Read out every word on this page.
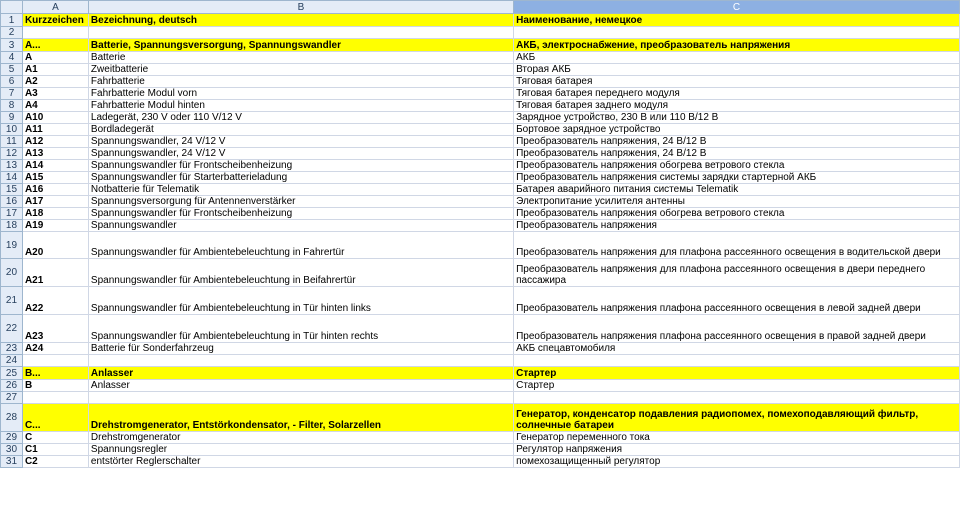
	A	B	C
1	Kurzzeichen	Bezeichnung, deutsch	Наименование, немецкое
2			
3	A...	Batterie, Spannungsversorgung, Spannungswandler	АКБ, электроснабжение, преобразователь напряжения
4	A	Batterie	АКБ
5	A1	Zweitbatterie	Вторая АКБ
6	A2	Fahrbatterie	Тяговая батарея
7	A3	Fahrbatterie Modul vorn	Тяговая батарея переднего модуля
8	A4	Fahrbatterie Modul hinten	Тяговая батарея заднего модуля
9	A10	Ladegerät, 230 V oder 110 V/12 V	Зарядное устройство, 230 В или 110 В/12 В
10	A11	Bordladegerät	Бортовое зарядное устройство
11	A12	Spannungswandler, 24 V/12 V	Преобразователь напряжения, 24 В/12 В
12	A13	Spannungswandler, 24 V/12 V	Преобразователь напряжения, 24 В/12 В
13	A14	Spannungswandler für Frontscheibenheizung	Преобразователь напряжения обогрева ветрового стекла
14	A15	Spannungswandler für Starterbatterieladung	Преобразователь напряжения системы зарядки стартерной АКБ
15	A16	Notbatterie für Telematik	Батарея аварийного питания системы Telematik
16	A17	Spannungsversorgung für Antennenverstärker	Электропитание усилителя антенны
17	A18	Spannungswandler für Frontscheibenheizung	Преобразователь напряжения обогрева ветрового стекла
18	A19	Spannungswandler	Преобразователь напряжения
19	A20	Spannungswandler für Ambientebeleuchtung in Fahrertür	Преобразователь напряжения для плафона рассеянного освещения в водительской двери
20	A21	Spannungswandler für Ambientebeleuchtung in Beifahrertür	Преобразователь напряжения для плафона рассеянного освещения в двери переднего пассажира
21	A22	Spannungswandler für Ambientebeleuchtung in Tür hinten links	Преобразователь напряжения плафона рассеянного освещения в левой задней двери
22	A23	Spannungswandler für Ambientebeleuchtung in Tür hinten rechts	Преобразователь напряжения плафона рассеянного освещения в правой задней двери
23	A24	Batterie für Sonderfahrzeug	АКБ спецавтомобиля
24			
25	B...	Anlasser	Стартер
26	B	Anlasser	Стартер
27			
28	C...	Drehstromgenerator, Entstörkondensator, - Filter, Solarzellen	Генератор, конденсатор подавления радиопомех, помехоподавляющий фильтр, солнечные батареи
29	C	Drehstromgenerator	Генератор переменного тока
30	C1	Spannungsregler	Регулятор напряжения
31	C2	entstörter Reglerschalter	помехозащищенный регулятор
